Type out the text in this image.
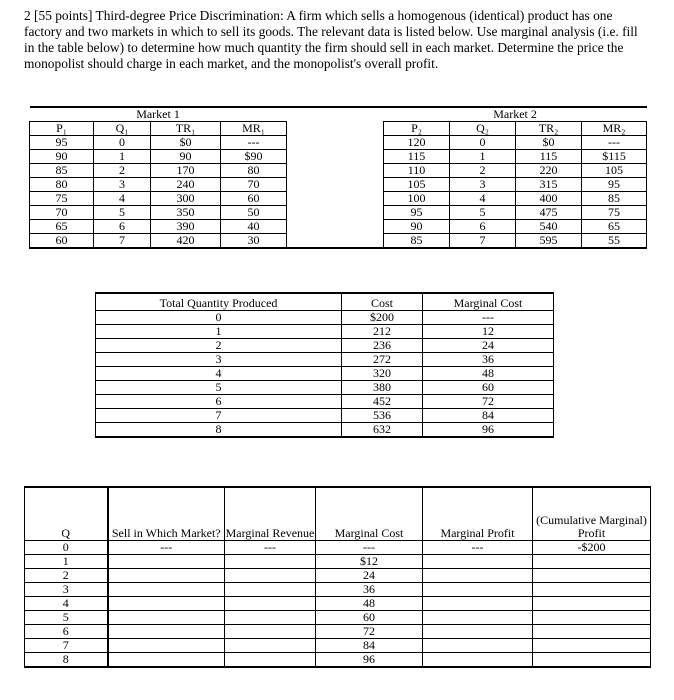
2 [55 points] Third-degree Price Discrimination: A firm which sells a homogenous (identical) product has one factory and two markets in which to sell its goods. The relevant data is listed below. Use marginal analysis (i.e. fill in the table below) to determine how much quantity the firm should sell in each market. Determine the price the monopolist should charge in each market, and the monopolist's overall profit.

Market 1					Market 2			
P₁	Q₁	TR₁	MR₁		P₂	Q₂	TR₂	MR₂
95	0	$0	---		120	0	$0	---
90	1	90	$90		115	1	115	$115
85	2	170	80		110	2	220	105
80	3	240	70		105	3	315	95
75	4	300	60		100	4	400	85
70	5	350	50		95	5	475	75
65	6	390	40		90	6	540	65
60	7	420	30		85	7	595	55
Total Quantity Produced	Cost	Marginal Cost
0	$200	---
1	212	12
2	236	24
3	272	36
4	320	48
5	380	60
6	452	72
7	536	84
8	632	96
Q	Sell in Which Market?	Marginal Revenue	Marginal Cost	Marginal Profit	(Cumulative Marginal) Profit
0	---	---	---	---	-$200
1			$12		
2			24		
3			36		
4			48		
5			60		
6			72		
7			84		
8			96		
